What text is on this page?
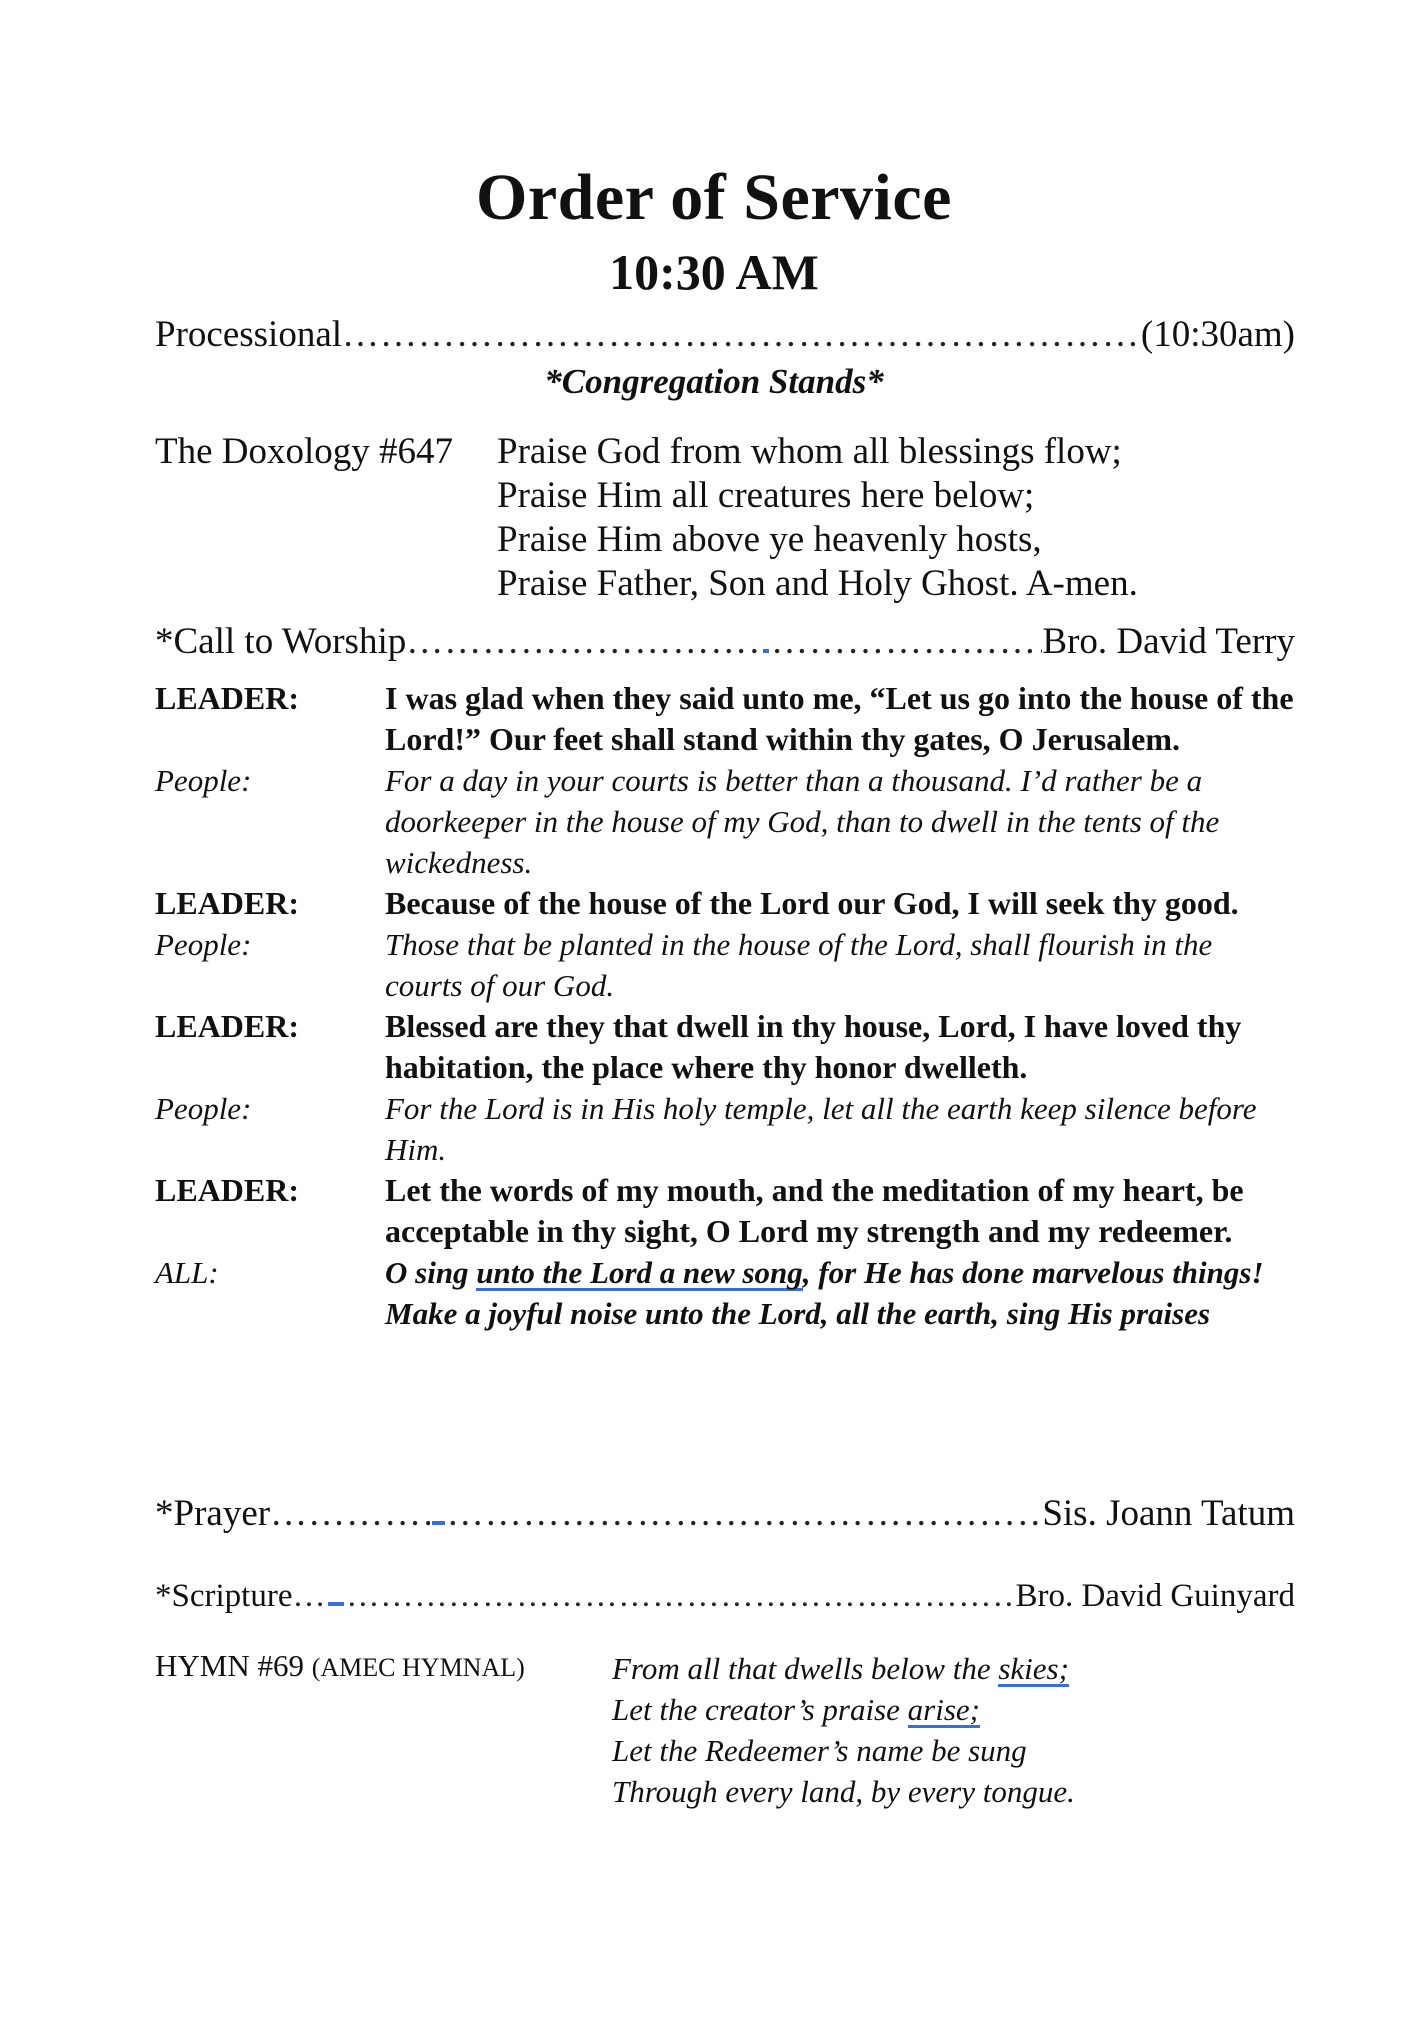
Order of Service
10:30 AM
Processional ……………………………………………………………………………………………………………………………………………………………………………………	(10:30am)
*Congregation Stands*
The Doxology #647 Praise God from whom all blessings flow;
Praise Him all creatures here below;
Praise Him above ye heavenly hosts,
Praise Father, Son and Holy Ghost. A-men.
*Call to Worship …………………………………………………………………………………………………………………………………………………………………………………… ……………………………………………………………………………………………………………………………………………………………………………………	Bro. David Terry
LEADER:	I was glad when they said unto me, “Let us go into the house of the Lord!” Our feet shall stand within thy gates, O Jerusalem.
People:	For a day in your courts is better than a thousand. I’d rather be a doorkeeper in the house of my God, than to dwell in the tents of the wickedness.
LEADER:	Because of the house of the Lord our God, I will seek thy good.
People:	Those that be planted in the house of the Lord, shall flourish in the courts of our God.
LEADER:	Blessed are they that dwell in thy house, Lord, I have loved thy habitation, the place where thy honor dwelleth.
People:	For the Lord is in His holy temple, let all the earth keep silence before Him.
LEADER:	Let the words of my mouth, and the meditation of my heart, be acceptable in thy sight, O Lord my strength and my redeemer.
ALL:	O sing unto the Lord a new song, for He has done marvelous things! Make a joyful noise unto the Lord, all the earth, sing His praises
*Prayer …………………………………………………………………………………………………………………………………………………………………………………… ……………………………………………………………………………………………………………………………………………………………………………………	Sis. Joann Tatum
*Scripture …………………………………………………………………………………………………………………………………………………………………………………… ……………………………………………………………………………………………………………………………………………………………………………………	Bro. David Guinyard
HYMN #69 (AMEC HYMNAL)	From all that dwells below the skies;
Let the creator’s praise arise;
Let the Redeemer’s name be sung
Through every land, by every tongue.
